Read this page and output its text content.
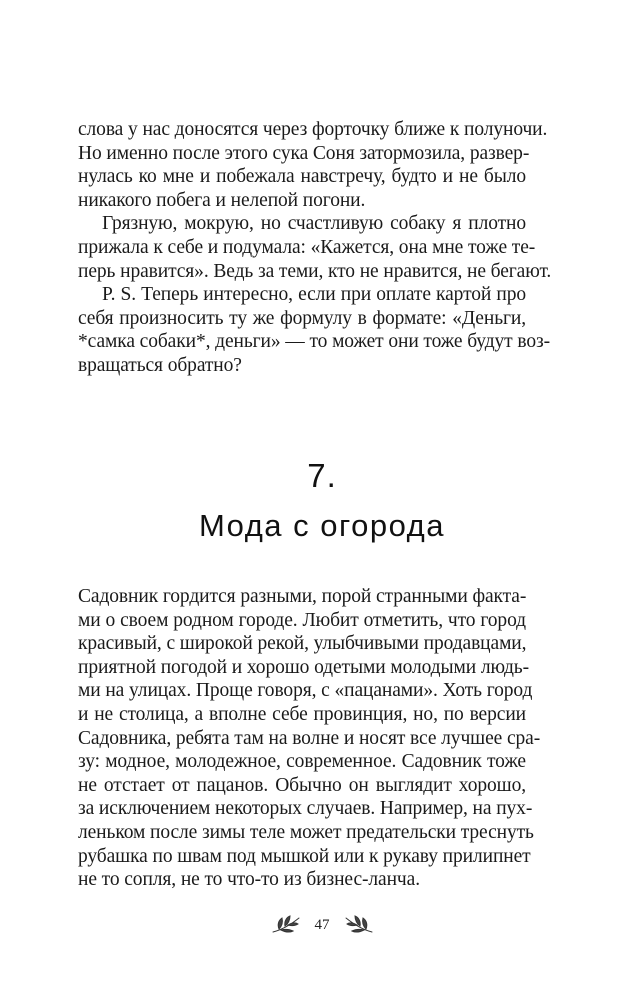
слова у нас доносятся через форточку ближе к полуночи.
Но именно после этого сука Соня затормозила, развер-
нулась ко мне и побежала навстречу, будто и не было
никакого побега и нелепой погони.
Грязную, мокрую, но счастливую собаку я плотно
прижала к себе и подумала: «Кажется, она мне тоже те-
перь нравится». Ведь за теми, кто не нравится, не бегают.
P. S. Теперь интересно, если при оплате картой про
себя произносить ту же формулу в формате: «Деньги,
*самка собаки*, деньги» — то может они тоже будут воз-
вращаться обратно?
7.
Мода с огорода
Садовник гордится разными, порой странными факта-
ми о своем родном городе. Любит отметить, что город
красивый, с широкой рекой, улыбчивыми продавцами,
приятной погодой и хорошо одетыми молодыми людь-
ми на улицах. Проще говоря, с «пацанами». Хоть город
и не столица, а вполне себе провинция, но, по версии
Садовника, ребята там на волне и носят все лучшее сра-
зу: модное, молодежное, современное. Садовник тоже
не отстает от пацанов. Обычно он выглядит хорошо,
за исключением некоторых случаев. Например, на пух-
леньком после зимы теле может предательски треснуть
рубашка по швам под мышкой или к рукаву прилипнет
не то сопля, не то что-то из бизнес-ланча.
47
